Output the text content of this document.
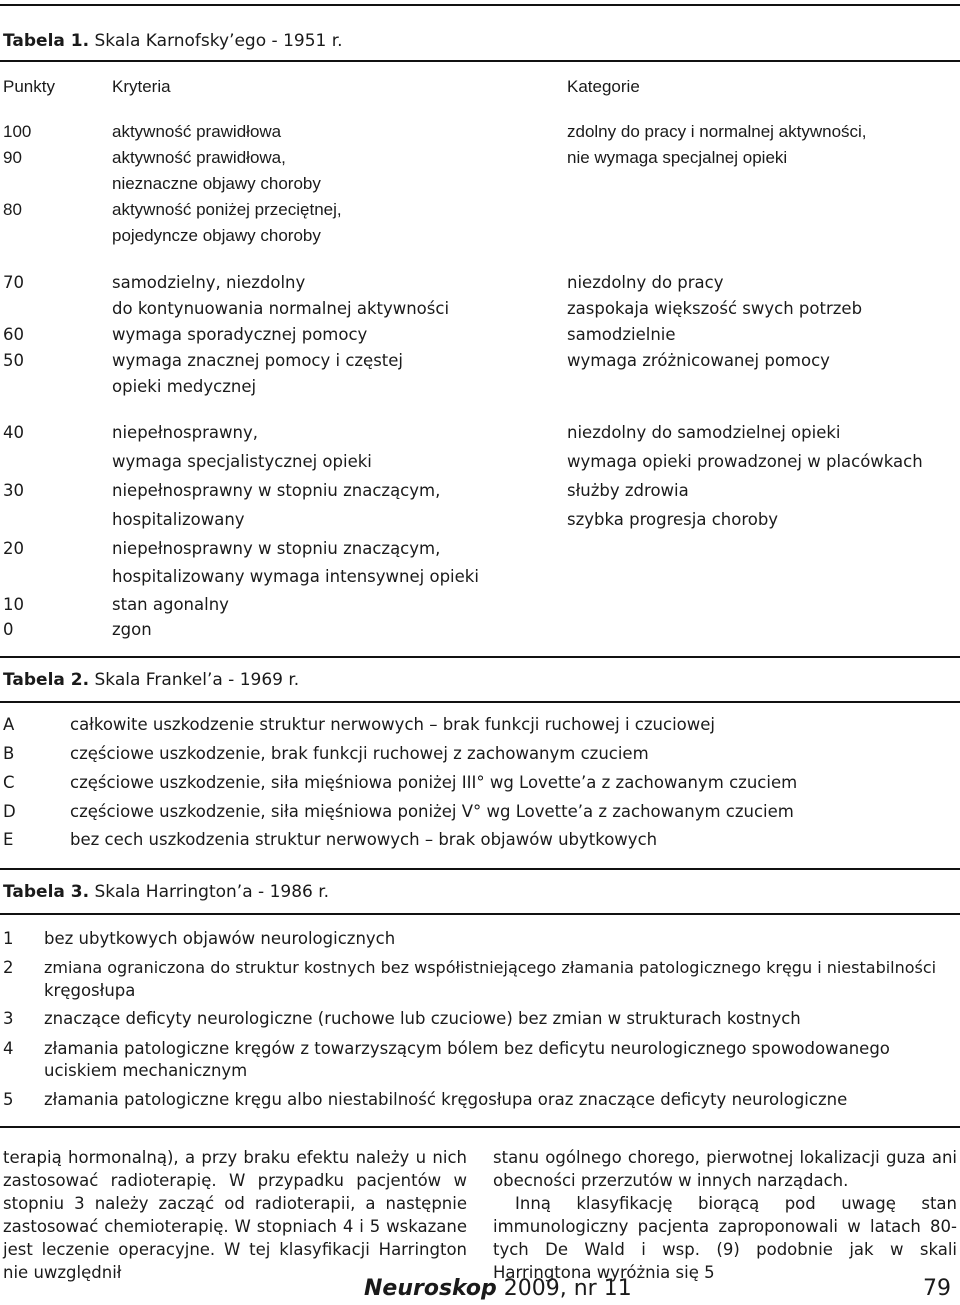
Tabela 1. Skala Karnofsky’ego - 1951 r.
Punkty	Kryteria	Kategorie
100	aktywność prawidłowa	zdolny do pracy i normalnej aktywności,
90	aktywność prawidłowa,	nie wymaga specjalnej opieki
nieznaczne objawy choroby
80	aktywność poniżej przeciętnej,
pojedyncze objawy choroby
70	samodzielny, niezdolny	niezdolny do pracy
do kontynuowania normalnej aktywności	zaspokaja większość swych potrzeb
60	wymaga sporadycznej pomocy	samodzielnie
50	wymaga znacznej pomocy i częstej	wymaga zróżnicowanej pomocy
opieki medycznej
40	niepełnosprawny,	niezdolny do samodzielnej opieki
wymaga specjalistycznej opieki	wymaga opieki prowadzonej w placówkach
30	niepełnosprawny w stopniu znaczącym,	służby zdrowia
hospitalizowany	szybka progresja choroby
20	niepełnosprawny w stopniu znaczącym,
hospitalizowany wymaga intensywnej opieki
10	stan agonalny
0	zgon
Tabela 2. Skala Frankel’a - 1969 r.
A	całkowite uszkodzenie struktur nerwowych – brak funkcji ruchowej i czuciowej
B	częściowe uszkodzenie, brak funkcji ruchowej z zachowanym czuciem
C	częściowe uszkodzenie, siła mięśniowa poniżej III° wg Lovette’a z zachowanym czuciem
D	częściowe uszkodzenie, siła mięśniowa poniżej V° wg Lovette’a z zachowanym czuciem
E	bez cech uszkodzenia struktur nerwowych – brak objawów ubytkowych
Tabela 3. Skala Harrington’a - 1986 r.
1 bez ubytkowych objawów neurologicznych
2 zmiana ograniczona do struktur kostnych bez współistniejącego złamania patologicznego kręgu i niestabilności
kręgosłupa
3 znaczące deficyty neurologiczne (ruchowe lub czuciowe) bez zmian w strukturach kostnych
4 złamania patologiczne kręgów z towarzyszącym bólem bez deficytu neurologicznego spowodowanego
uciskiem mechanicznym
5 złamania patologiczne kręgu albo niestabilność kręgosłupa oraz znaczące deficyty neurologiczne

terapią hormonalną), a przy braku efektu należy u nich zastosować radioterapię. W przypadku pacjentów w stopniu 3 należy zacząć od radioterapii, a następnie zastosować chemioterapię. W stopniach 4 i 5 wskazane jest leczenie operacyjne. W tej klasyfikacji Harrington nie uwzględnił

stanu ogólnego chorego, pierwotnej lokalizacji guza ani obecności przerzutów w innych narządach.

Inną klasyfikację biorącą pod uwagę stan immunologiczny pacjenta zaproponowali w latach 80-tych De Wald i wsp. (9) podobnie jak w skali Harringtona wyróżnia się 5

Neuroskop 2009, nr 11	79
